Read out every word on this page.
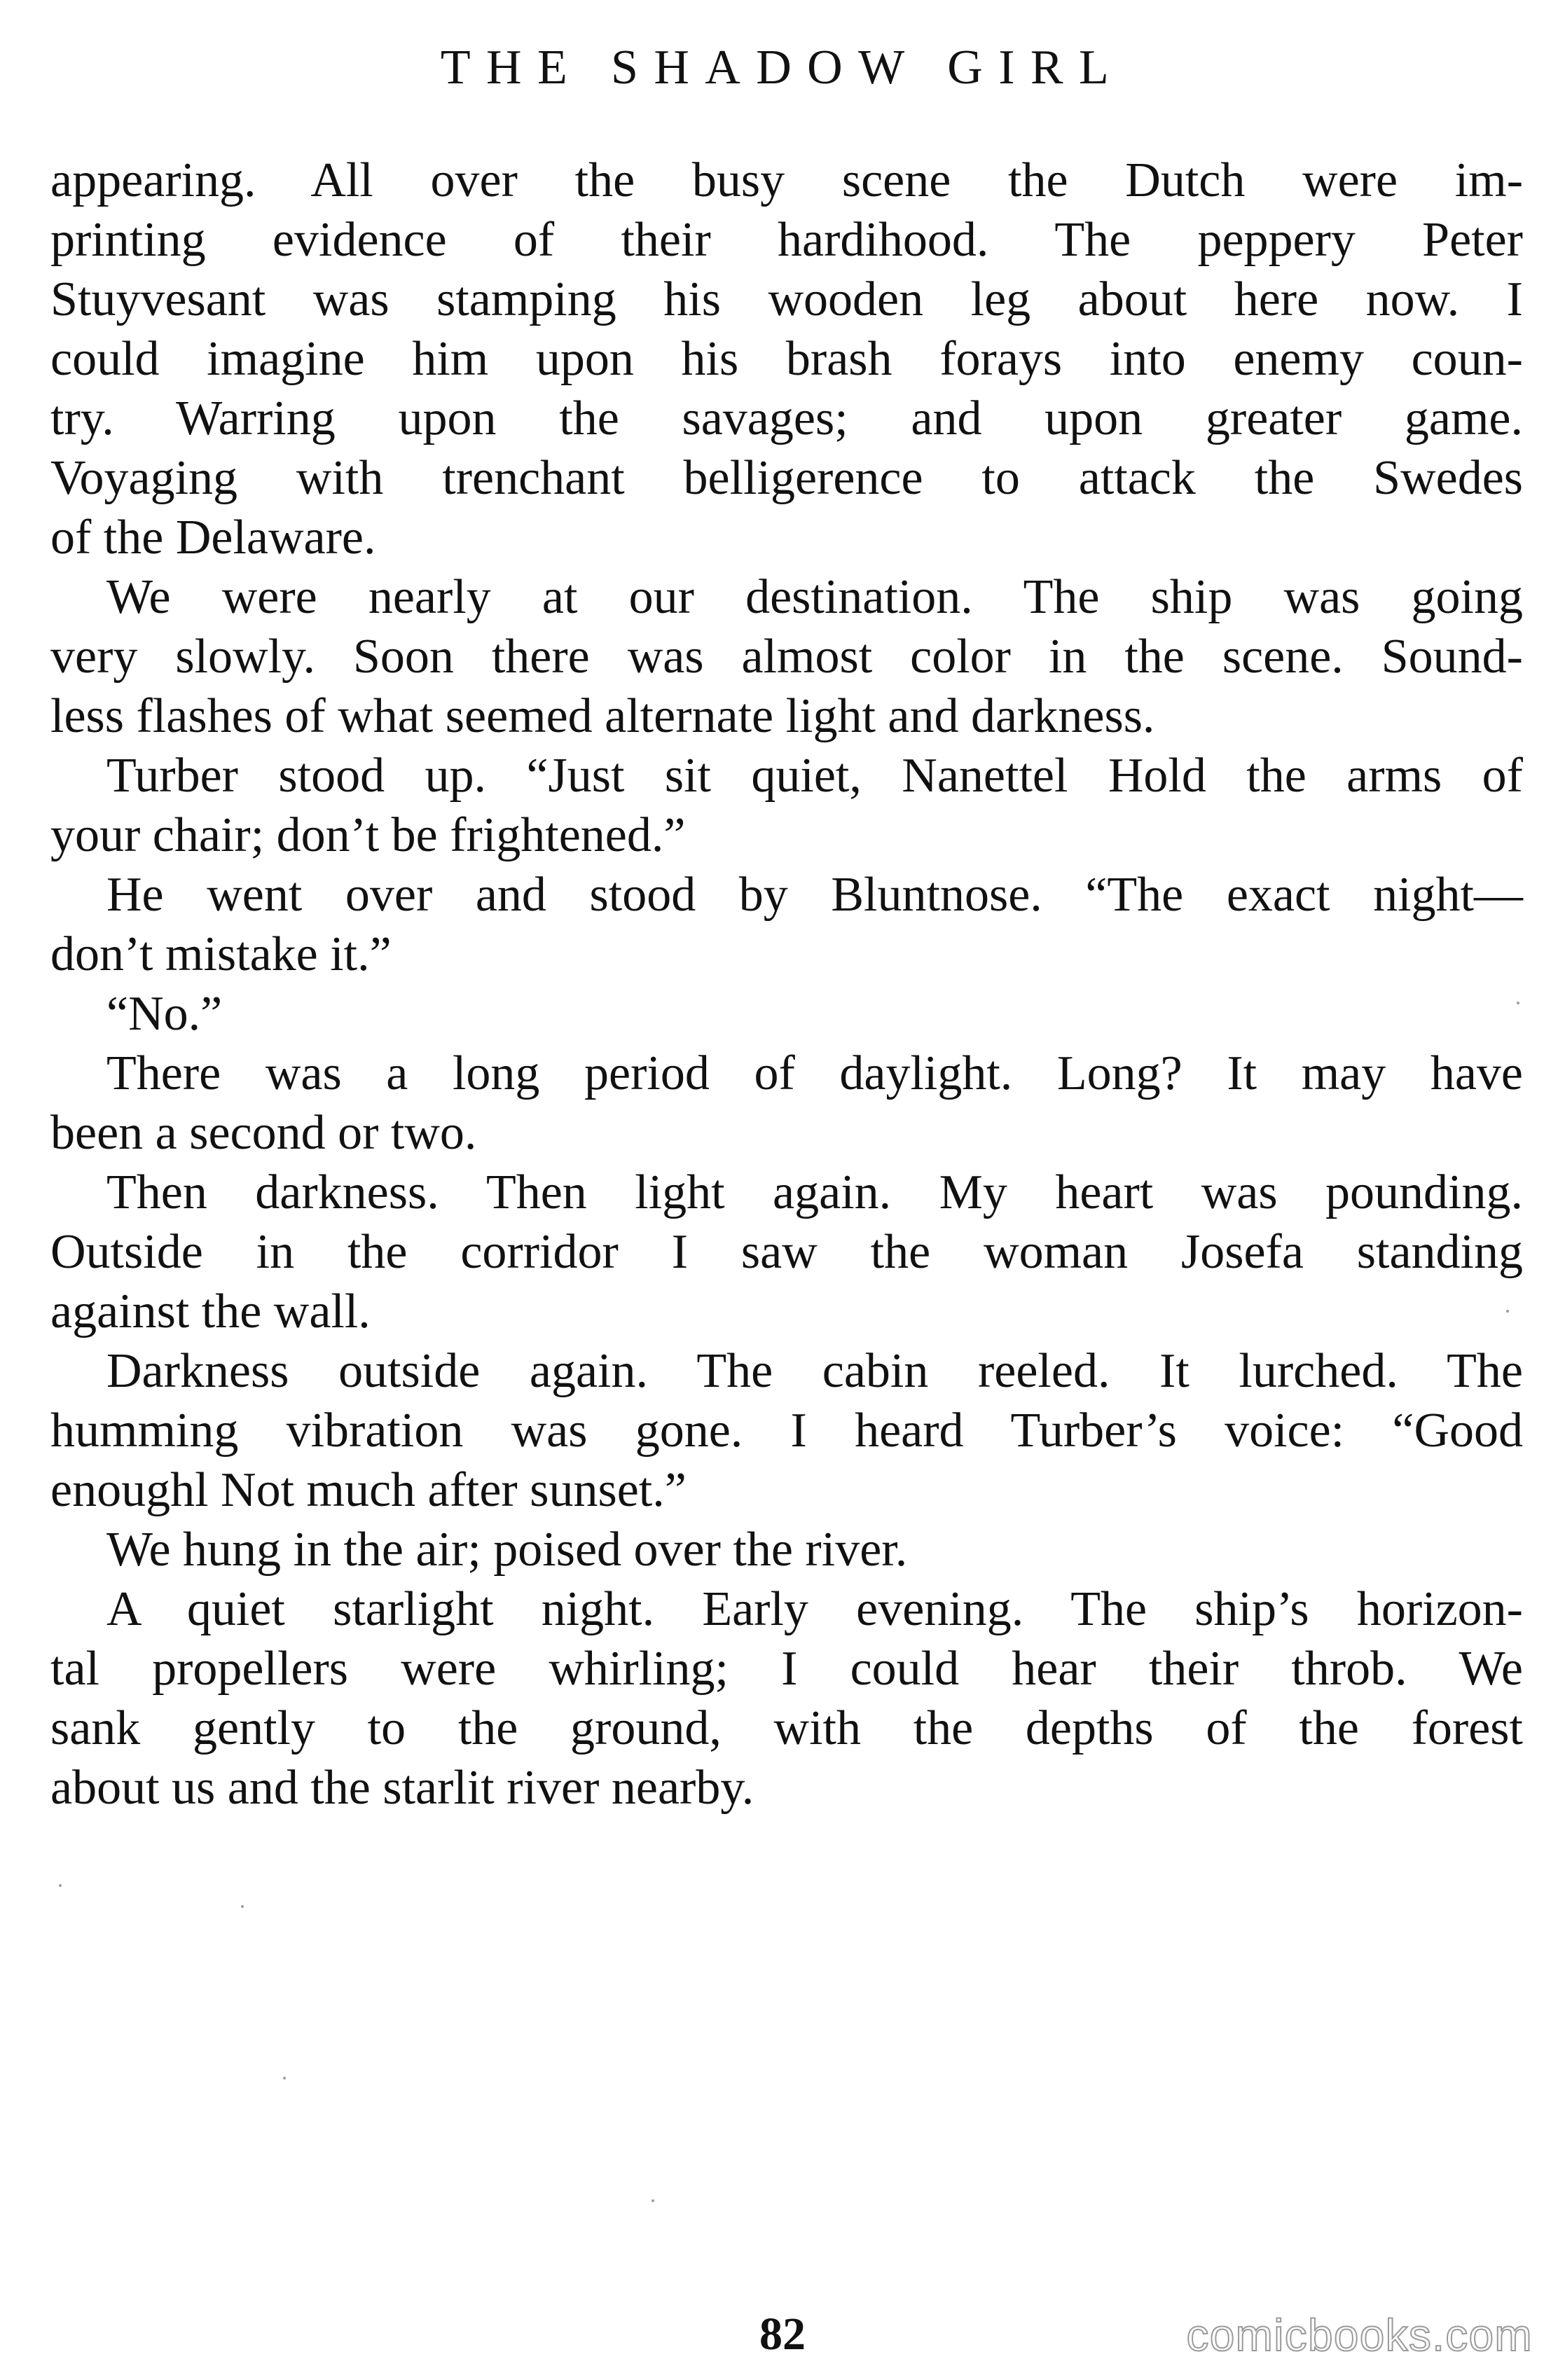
THE SHADOW GIRL
appearing. All over the busy scene the Dutch were im-
printing evidence of their hardihood. The peppery Peter
Stuyvesant was stamping his wooden leg about here now. I
could imagine him upon his brash forays into enemy coun-
try. Warring upon the savages; and upon greater game.
Voyaging with trenchant belligerence to attack the Swedes
of the Delaware.
We were nearly at our destination. The ship was going
very slowly. Soon there was almost color in the scene. Sound-
less flashes of what seemed alternate light and darkness.
Turber stood up. “Just sit quiet, Nanettel Hold the arms of
your chair; don’t be frightened.”
He went over and stood by Bluntnose. “The exact night—
don’t mistake it.”
“No.”
There was a long period of daylight. Long? It may have
been a second or two.
Then darkness. Then light again. My heart was pounding.
Outside in the corridor I saw the woman Josefa standing
against the wall.
Darkness outside again. The cabin reeled. It lurched. The
humming vibration was gone. I heard Turber’s voice: “Good
enoughl Not much after sunset.”
We hung in the air; poised over the river.
A quiet starlight night. Early evening. The ship’s horizon-
tal propellers were whirling; I could hear their throb. We
sank gently to the ground, with the depths of the forest
about us and the starlit river nearby.
82	comicbooks.com
